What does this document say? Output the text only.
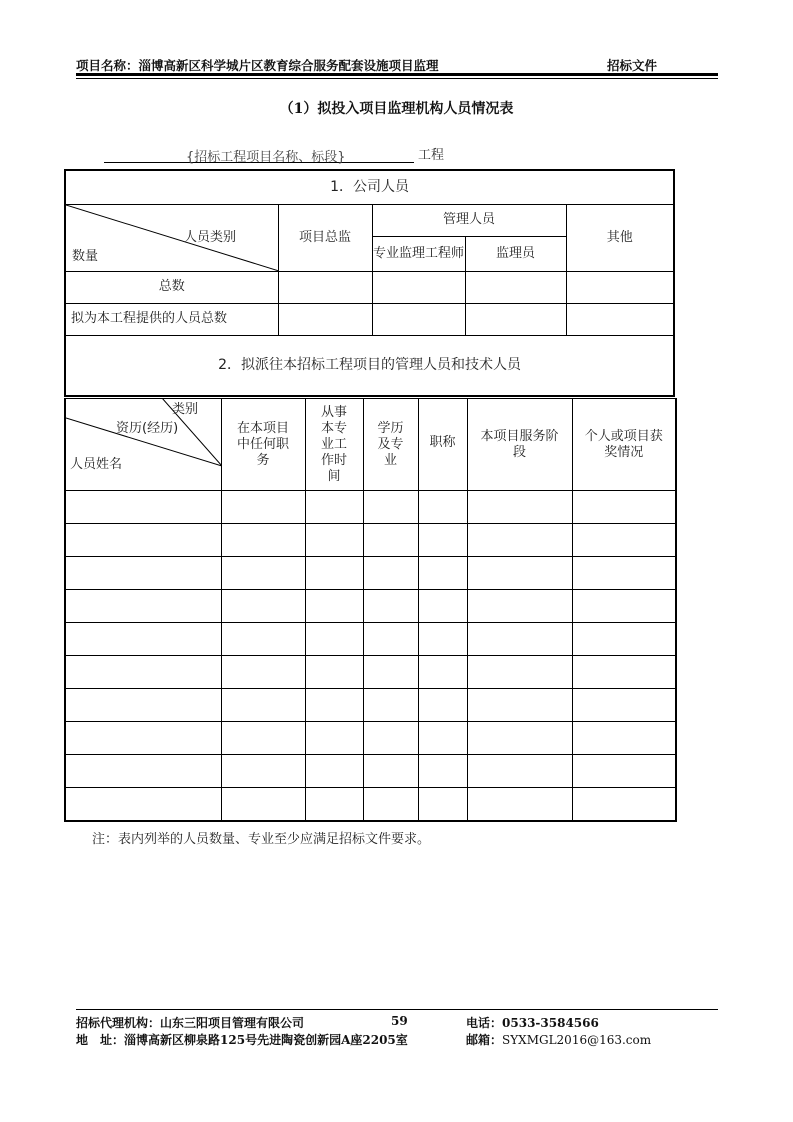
项目名称：淄博高新区科学城片区教育综合服务配套设施项目监理	招标文件
（1）拟投入项目监理机构人员情况表
{招标工程项目名称、标段}	工程
1．公司人员				

人员类别
数量	项目总监	管理人员		其他
		专业监理工程师	监理员	
总数				
拟为本工程提供的人员总数				
2．拟派往本招标工程项目的管理人员和技术人员				
类别
资历(经历)
人员姓名	在本项目中任何职务	从事本专业工作时间	学历及专业	职称	本项目服务阶段	个人或项目获奖情况

注：表内列举的人员数量、专业至少应满足招标文件要求。
招标代理机构：山东三阳项目管理有限公司	59	电话：0533-3584566
地　址：淄博高新区柳泉路125号先进陶瓷创新园A座2205室	邮箱：SYXMGL2016@163.com
